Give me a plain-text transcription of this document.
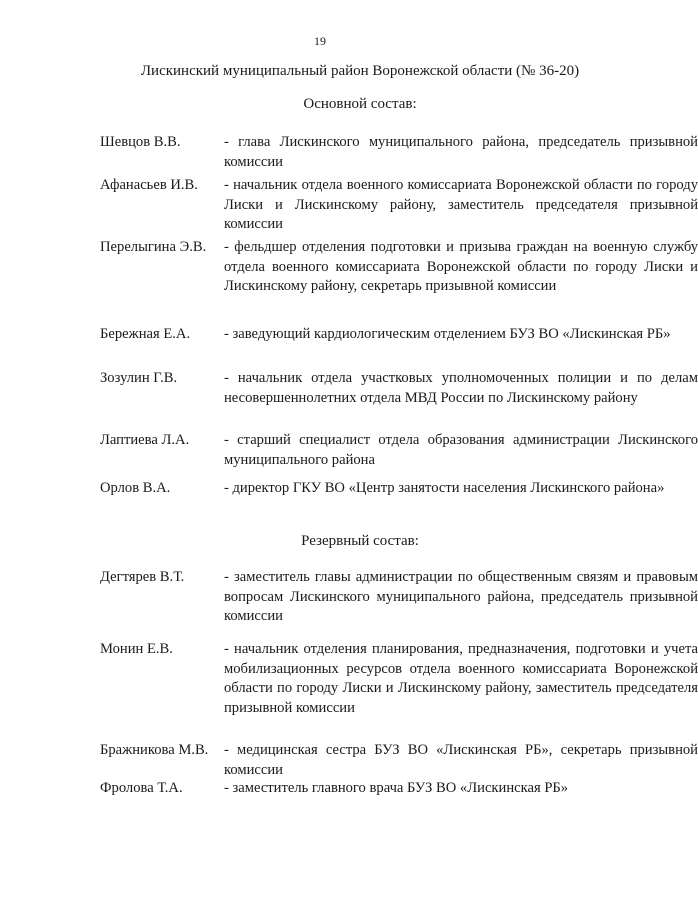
19
Лискинский муниципальный район Воронежской области (№ 36-20)
Основной состав:
Шевцов В.В.	- глава Лискинского муниципального района, председатель призывной комиссии
Афанасьев И.В.	- начальник отдела военного комиссариата Воронежской области по городу Лиски и Лискинскому району, заместитель председателя призывной комиссии
Перелыгина Э.В.	- фельдшер отделения подготовки и призыва граждан на военную службу отдела военного комиссариата Воронежской области по городу Лиски и Лискинскому району, секретарь призывной комиссии
Бережная Е.А.	- заведующий кардиологическим отделением БУЗ ВО «Лискинская РБ»
Зозулин Г.В.	- начальник отдела участковых уполномоченных полиции и по делам несовершеннолетних отдела МВД России по Лискинскому району
Лаптиева Л.А.	- старший специалист отдела образования администрации Лискинского муниципального района
Орлов В.А.	- директор ГКУ ВО «Центр занятости населения Лискинского района»
Резервный состав:
Дегтярев В.Т.	- заместитель главы администрации по общественным связям и правовым вопросам Лискинского муниципального района, председатель призывной комиссии
Монин Е.В.	- начальник отделения планирования, предназначения, подготовки и учета мобилизационных ресурсов отдела военного комиссариата Воронежской области по городу Лиски и Лискинскому району, заместитель председателя призывной комиссии
Бражникова М.В.	- медицинская сестра БУЗ ВО «Лискинская РБ», секретарь призывной комиссии
Фролова Т.А.	- заместитель главного врача БУЗ ВО «Лискинская РБ»
